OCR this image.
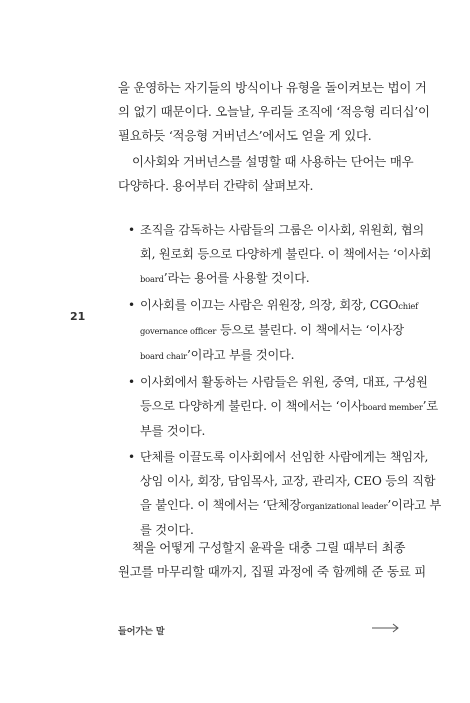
을 운영하는 자기들의 방식이나 유형을 돌이켜보는 법이 거
의 없기 때문이다. 오늘날, 우리들 조직에 ‘적응형 리더십’이
필요하듯 ‘적응형 거버넌스’에서도 얻을 게 있다.
이사회와 거버넌스를 설명할 때 사용하는 단어는 매우
다양하다. 용어부터 간략히 살펴보자.
21
• 조직을 감독하는 사람들의 그룹은 이사회, 위원회, 협의
회, 원로회 등으로 다양하게 불린다. 이 책에서는 ‘이사회
board’라는 용어를 사용할 것이다.
• 이사회를 이끄는 사람은 위원장, 의장, 회장, CGOchief
governance officer 등으로 불린다. 이 책에서는 ‘이사장
board chair’이라고 부를 것이다.
• 이사회에서 활동하는 사람들은 위원, 중역, 대표, 구성원
등으로 다양하게 불린다. 이 책에서는 ‘이사board member’로
부를 것이다.
• 단체를 이끌도록 이사회에서 선임한 사람에게는 책임자,
상임 이사, 회장, 담임목사, 교장, 관리자, CEO 등의 직함
을 붙인다. 이 책에서는 ‘단체장organizational leader’이라고 부
를 것이다.
책을 어떻게 구성할지 윤곽을 대충 그릴 때부터 최종
원고를 마무리할 때까지, 집필 과정에 죽 함께해 준 동료 피
들어가는 말
